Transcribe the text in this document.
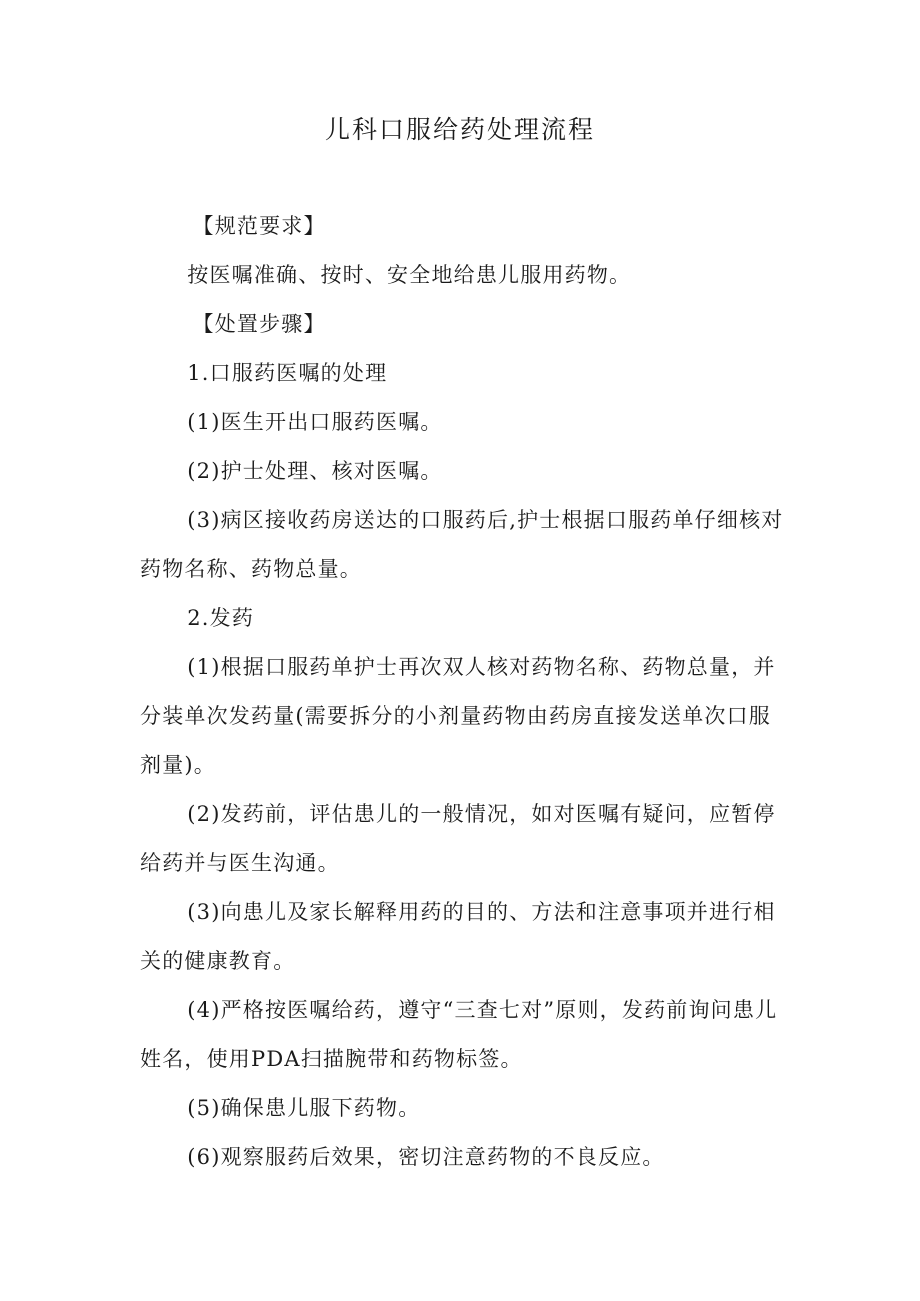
儿科口服给药处理流程

【规范要求】

按医嘱准确、按时、安全地给患儿服用药物。

【处置步骤】

1.口服药医嘱的处理

(1)医生开出口服药医嘱。

(2)护士处理、核对医嘱。

(3)病区接收药房送达的口服药后,护士根据口服药单仔细核对药物名称、药物总量。

2.发药

(1)根据口服药单护士再次双人核对药物名称、药物总量，并分装单次发药量(需要拆分的小剂量药物由药房直接发送单次口服剂量)。

(2)发药前，评估患儿的一般情况，如对医嘱有疑问，应暂停给药并与医生沟通。

(3)向患儿及家长解释用药的目的、方法和注意事项并进行相关的健康教育。

(4)严格按医嘱给药，遵守“三查七对”原则，发药前询问患儿姓名，使用PDA扫描腕带和药物标签。

(5)确保患儿服下药物。

(6)观察服药后效果，密切注意药物的不良反应。
